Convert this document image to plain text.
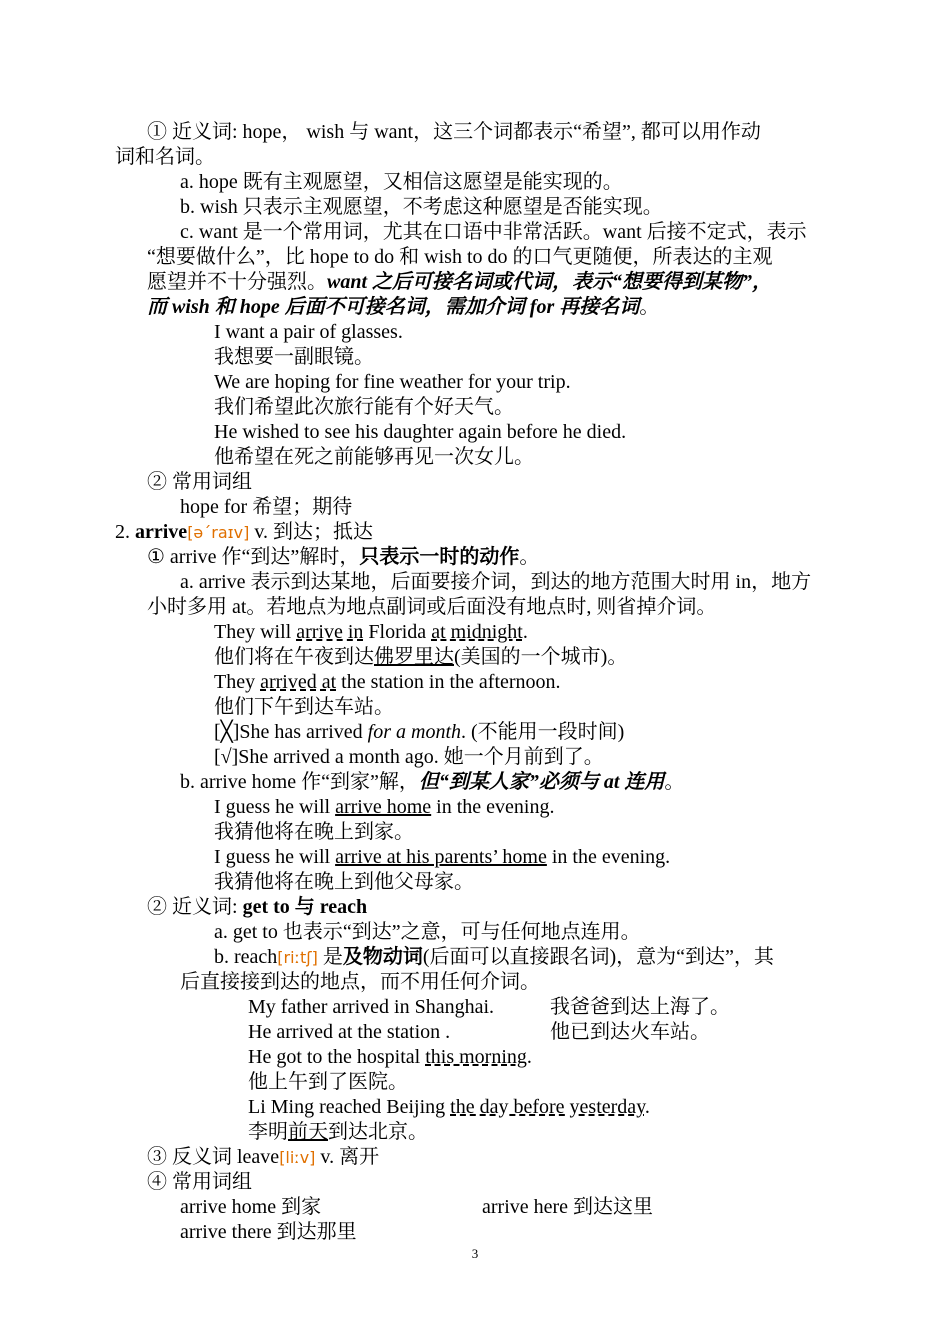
① 近义词: hope， wish 与 want，这三个词都表示“希望”, 都可以用作动
词和名词。
a. hope 既有主观愿望，又相信这愿望是能实现的。
b. wish 只表示主观愿望，不考虑这种愿望是否能实现。
c. want 是一个常用词，尤其在口语中非常活跃。want 后接不定式，表示
“想要做什么”，比 hope to do 和 wish to do 的口气更随便，所表达的主观
愿望并不十分强烈。want 之后可接名词或代词，表示“想要得到某物”，
而 wish 和 hope 后面不可接名词，需加介词 for 再接名词。
I want a pair of glasses.
我想要一副眼镜。
We are hoping for fine weather for your trip.
我们希望此次旅行能有个好天气。
He wished to see his daughter again before he died.
他希望在死之前能够再见一次女儿。
② 常用词组
hope for 希望；期待
2. arrive[əˊraɪv] v. 到达；抵达
① arrive 作“到达”解时，只表示一时的动作。
a. arrive 表示到达某地，后面要接介词，到达的地方范围大时用 in，地方
小时多用 at。若地点为地点副词或后面没有地点时, 则省掉介词。
They will arrive in Florida at midnight.
他们将在午夜到达佛罗里达(美国的一个城市)。
They arrived at the station in the afternoon.
他们下午到达车站。
[╳]She has arrived for a month. (不能用一段时间)
[√]She arrived a month ago. 她一个月前到了。
b. arrive home 作“到家”解，但“到某人家”必须与 at 连用。
I guess he will arrive home in the evening.
我猜他将在晚上到家。
I guess he will arrive at his parents’ home in the evening.
我猜他将在晚上到他父母家。
② 近义词: get to 与 reach
a. get to 也表示“到达”之意，可与任何地点连用。
b. reach[riːtʃ] 是及物动词(后面可以直接跟名词)，意为“到达”，其
后直接接到达的地点，而不用任何介词。
My father arrived in Shanghai.	我爸爸到达上海了。
He arrived at the station .	他已到达火车站。
He got to the hospital this morning.
他上午到了医院。
Li Ming reached Beijing the day before yesterday.
李明前天到达北京。
③ 反义词 leave[liːv] v. 离开
④ 常用词组
arrive home 到家	arrive here 到达这里
arrive there 到达那里
3
